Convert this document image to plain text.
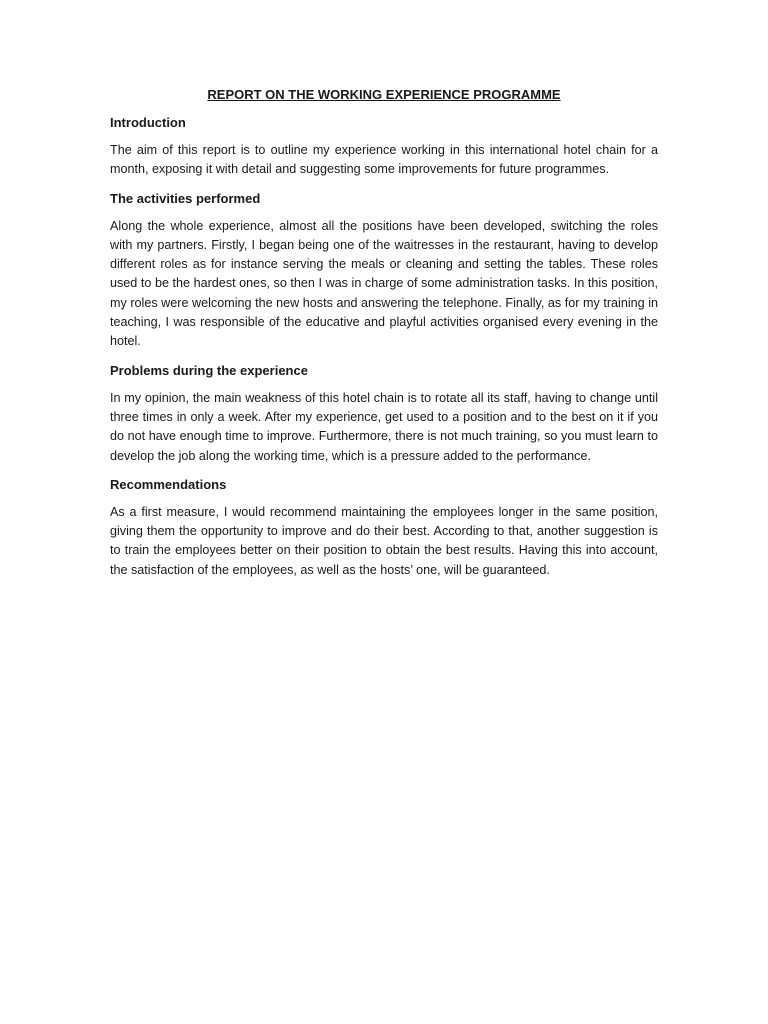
REPORT ON THE WORKING EXPERIENCE PROGRAMME
Introduction

The aim of this report is to outline my experience working in this international hotel chain for a month, exposing it with detail and suggesting some improvements for future programmes.

The activities performed

Along the whole experience, almost all the positions have been developed, switching the roles with my partners. Firstly, I began being one of the waitresses in the restaurant, having to develop different roles as for instance serving the meals or cleaning and setting the tables. These roles used to be the hardest ones, so then I was in charge of some administration tasks. In this position, my roles were welcoming the new hosts and answering the telephone. Finally, as for my training in teaching, I was responsible of the educative and playful activities organised every evening in the hotel.

Problems during the experience

In my opinion, the main weakness of this hotel chain is to rotate all its staff, having to change until three times in only a week. After my experience, get used to a position and to the best on it if you do not have enough time to improve. Furthermore, there is not much training, so you must learn to develop the job along the working time, which is a pressure added to the performance.

Recommendations

As a first measure, I would recommend maintaining the employees longer in the same position, giving them the opportunity to improve and do their best. According to that, another suggestion is to train the employees better on their position to obtain the best results. Having this into account, the satisfaction of the employees, as well as the hosts’ one, will be guaranteed.
